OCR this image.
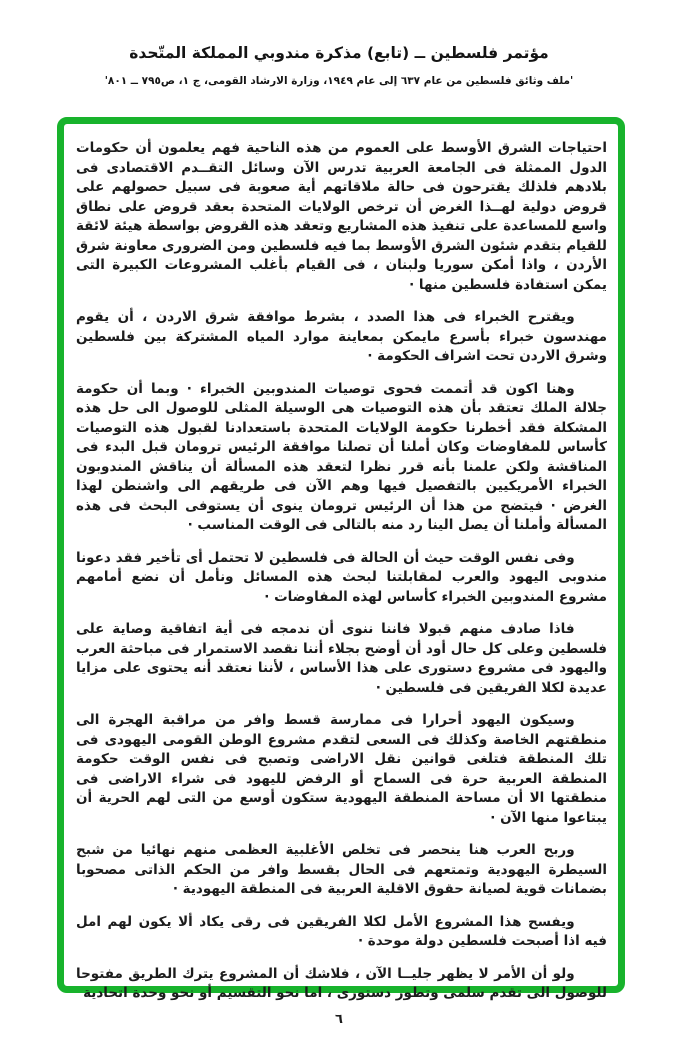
مؤتمر فلسطين ــ (تابع) مذكرة مندوبي المملكة المتّحدة
'ملف وثائق فلسطين من عام ٦٣٧ إلى عام ١٩٤٩، وزارة الارشاد القومى، ج ١، ص٧٩٥ ــ ٨٠١'

احتياجات الشرق الأوسط على العموم من هذه الناحية فهم يعلمون أن حكومات الدول الممثلة فى الجامعة العربية تدرس الآن وسائل التقــدم الاقتصادى فى بلادهم فلذلك يقترحون فى حالة ملاقاتهم أية صعوبة فى سبيل حصولهم على قروض دولية لهــذا الغرض أن ترخص الولايات المتحدة بعقد قروض على نطاق واسع للمساعدة على تنفيذ هذه المشاريع وتعقد هذه القروض بواسطة هيئة لائقة للقيام بتقدم شئون الشرق الأوسط بما فيه فلسطين ومن الضرورى معاونة شرق الأردن ، واذا أمكن سوريا ولبنان ، فى القيام بأغلب المشروعات الكبيرة التى يمكن استفادة فلسطين منها ·

ويقترح الخبراء فى هذا الصدد ، بشرط موافقة شرق الاردن ، أن يقوم مهندسون خبراء بأسرع مايمكن بمعاينة موارد المياه المشتركة بين فلسطين وشرق الاردن تحت اشراف الحكومة ·

وهنا اكون قد أتممت فحوى توصيات المندوبين الخبراء · وبما أن حكومة جلالة الملك تعتقد بأن هذه التوصيات هى الوسيلة المثلى للوصول الى حل هذه المشكلة فقد أخطرنا حكومة الولايات المتحدة باستعدادنا لقبول هذه التوصيات كأساس للمفاوضات وكان أملنا أن تصلنا موافقة الرئيس ترومان قبل البدء فى المناقشة ولكن علمنا بأنه قرر نظرا لتعقد هذه المسألة أن يناقش المندوبون الخبراء الأمريكيين بالتفصيل فيها وهم الآن فى طريقهم الى واشنطن لهذا الغرض · فيتضح من هذا أن الرئيس ترومان ينوى أن يستوفى البحث فى هذه المسألة وأملنا أن يصل الينا رد منه بالتالى فى الوقت المناسب ·

وفى نفس الوقت حيث أن الحالة فى فلسطين لا تحتمل أى تأخير فقد دعونا مندوبى اليهود والعرب لمقابلتنا لبحث هذه المسائل ونأمل أن نضع أمامهم مشروع المندوبين الخبراء كأساس لهذه المفاوضات ·

فاذا صادف منهم قبولا فاننا ننوى أن ندمجه فى أية اتفاقية وصاية على فلسطين وعلى كل حال أود أن أوضح بجلاء أننا نقصد الاستمرار فى مباحثة العرب واليهود فى مشروع دستورى على هذا الأساس ، لأننا نعتقد أنه يحتوى على مزايا عديدة لكلا الفريقين فى فلسطين ·

وسيكون اليهود أحرارا فى ممارسة قسط وافر من مراقبة الهجرة الى منطقتهم الخاصة وكذلك فى السعى لتقدم مشروع الوطن القومى اليهودى فى تلك المنطقة فتلغى قوانين نقل الاراضى وتصبح فى نفس الوقت حكومة المنطقة العربية حرة فى السماح أو الرفض لليهود فى شراء الاراضى فى منطقتها الا أن مساحة المنطقة اليهودية ستكون أوسع من التى لهم الحرية أن يبتاعوا منها الآن ·

وربح العرب هنا ينحصر فى تخلص الأغلبية العظمى منهم نهائيا من شبح السيطرة اليهودية وتمتعهم فى الحال بقسط وافر من الحكم الذاتى مصحوبا بضمانات قوية لصيانة حقوق الاقلية العربية فى المنطقة اليهودية ·

ويفسح هذا المشروع الأمل لكلا الفريقين فى رقى يكاد ألا يكون لهم امل فيه اذا أصبحت فلسطين دولة موحدة ·

ولو أن الأمر لا يظهر جليــا الآن ، فلاشك أن المشروع يترك الطريق مفتوحا للوصول الى تقدم سلمى وتطور دستورى ، اما نحو التقسيم أو نحو وحدة اتحادية

٦
